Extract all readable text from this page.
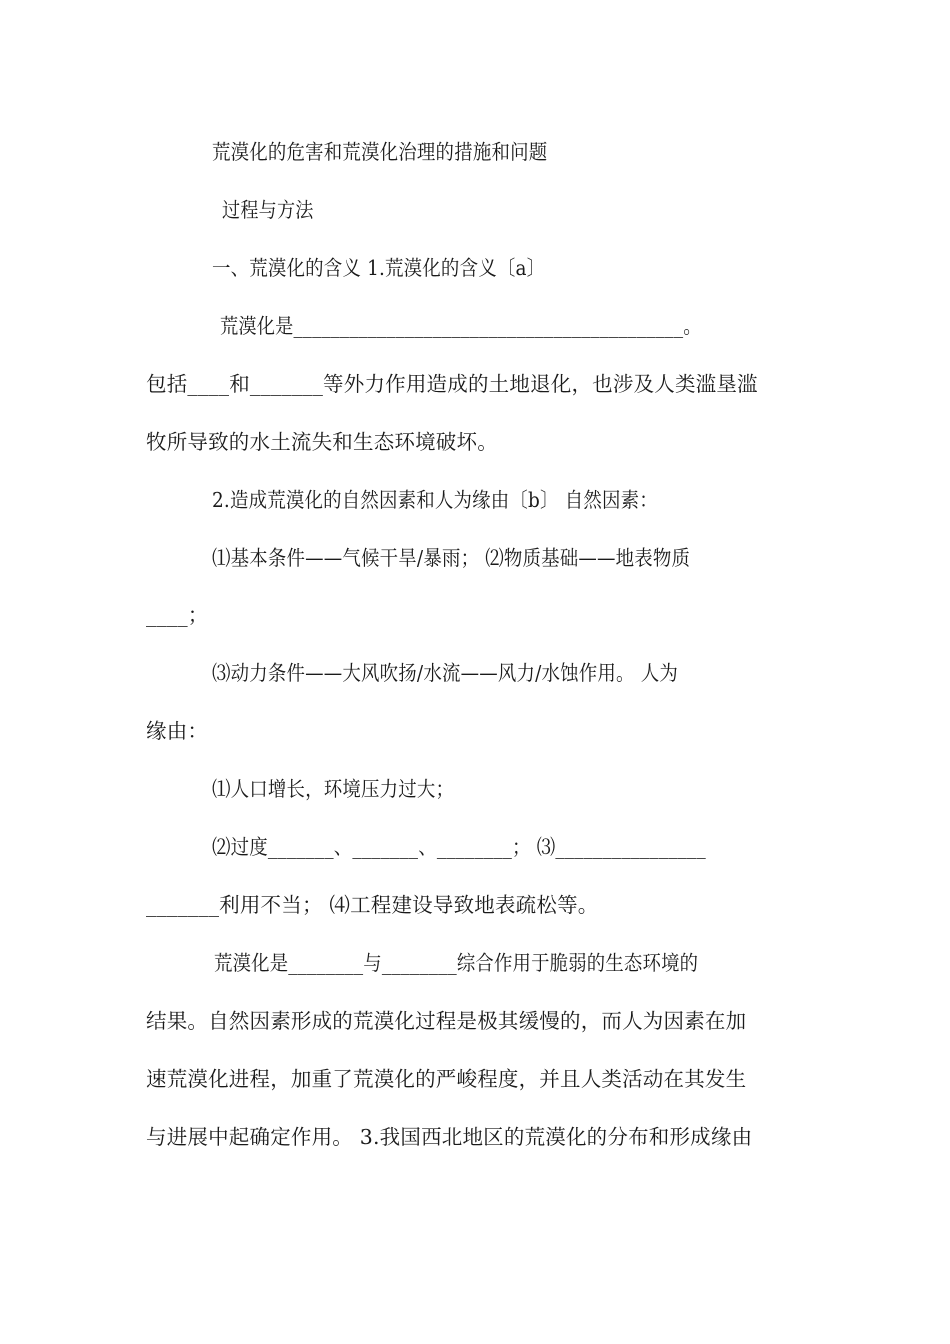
荒漠化的危害和荒漠化治理的措施和问题
过程与方法
一、荒漠化的含义 1.荒漠化的含义〔a〕
荒漠化是__________________________________________。
包括____和_______等外力作用造成的土地退化，也涉及人类滥垦滥
牧所导致的水土流失和生态环境破坏。
2.造成荒漠化的自然因素和人为缘由〔b〕 自然因素：
⑴基本条件——气候干旱/暴雨； ⑵物质基础——地表物质
____；
⑶动力条件——大风吹扬/水流——风力/水蚀作用。 人为
缘由：
⑴人口增长，环境压力过大；
⑵过度_______、_______、________； ⑶________________
_______利用不当； ⑷工程建设导致地表疏松等。
荒漠化是________与________综合作用于脆弱的生态环境的
结果。自然因素形成的荒漠化过程是极其缓慢的，而人为因素在加
速荒漠化进程，加重了荒漠化的严峻程度，并且人类活动在其发生
与进展中起确定作用。 3.我国西北地区的荒漠化的分布和形成缘由
